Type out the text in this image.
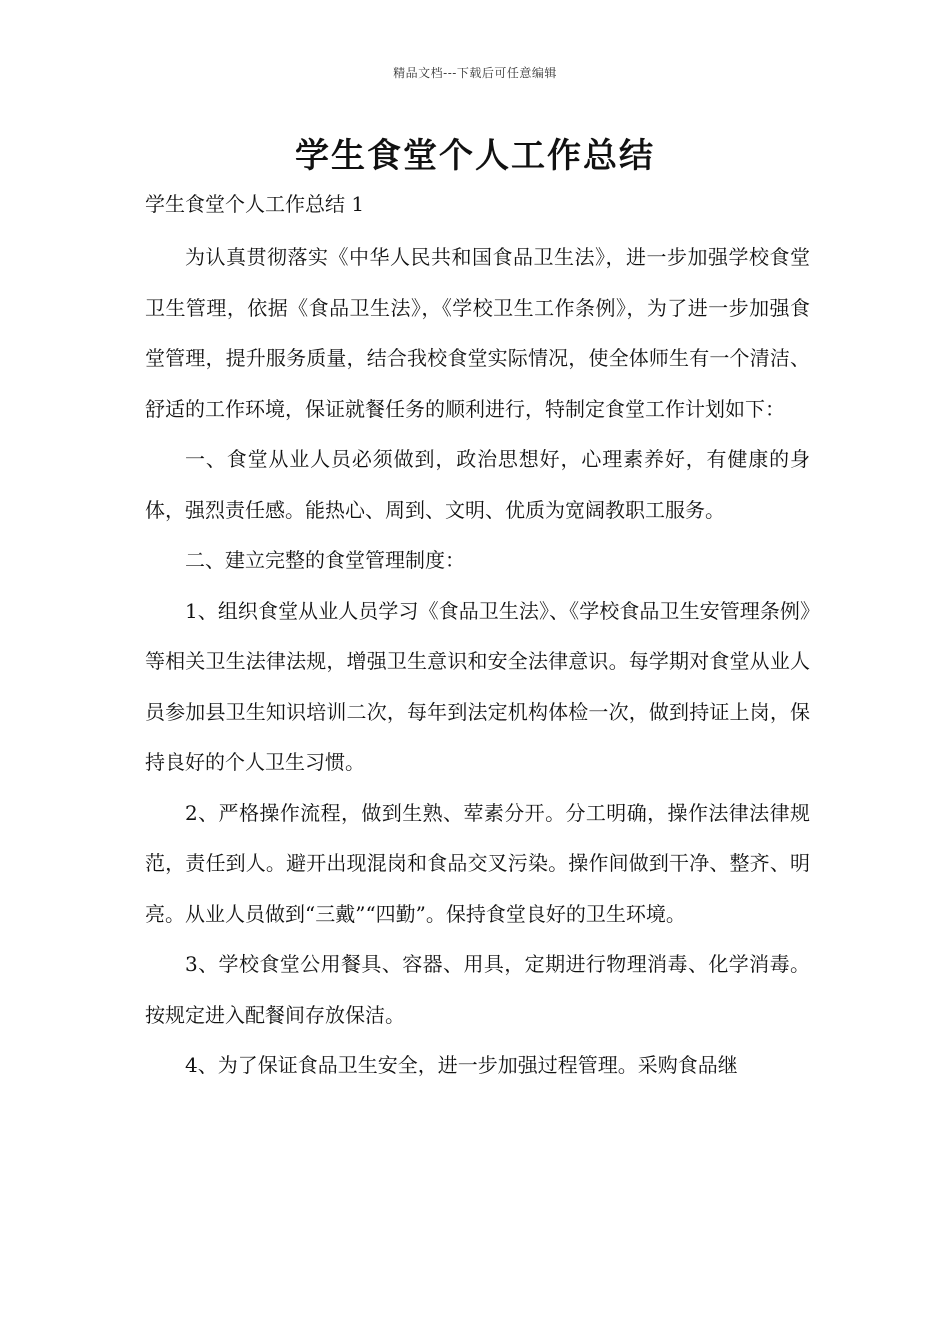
精品文档---下载后可任意编辑
学生食堂个人工作总结
学生食堂个人工作总结 1

为认真贯彻落实《中华人民共和国食品卫生法》，进一步加强学校食堂卫生管理，依据《食品卫生法》，《学校卫生工作条例》，为了进一步加强食堂管理，提升服务质量，结合我校食堂实际情况，使全体师生有一个清洁、舒适的工作环境，保证就餐任务的顺利进行，特制定食堂工作计划如下：

一、食堂从业人员必须做到，政治思想好，心理素养好，有健康的身体，强烈责任感。能热心、周到、文明、优质为宽阔教职工服务。

二、建立完整的食堂管理制度：

1、组织食堂从业人员学习《食品卫生法》、《学校食品卫生安管理条例》等相关卫生法律法规，增强卫生意识和安全法律意识。每学期对食堂从业人员参加县卫生知识培训二次，每年到法定机构体检一次，做到持证上岗，保持良好的个人卫生习惯。

2、严格操作流程，做到生熟、荤素分开。分工明确，操作法律法律规范，责任到人。避开出现混岗和食品交叉污染。操作间做到干净、整齐、明亮。从业人员做到“三戴”“四勤”。保持食堂良好的卫生环境。

3、学校食堂公用餐具、容器、用具，定期进行物理消毒、化学消毒。按规定进入配餐间存放保洁。

4、为了保证食品卫生安全，进一步加强过程管理。采购食品继
